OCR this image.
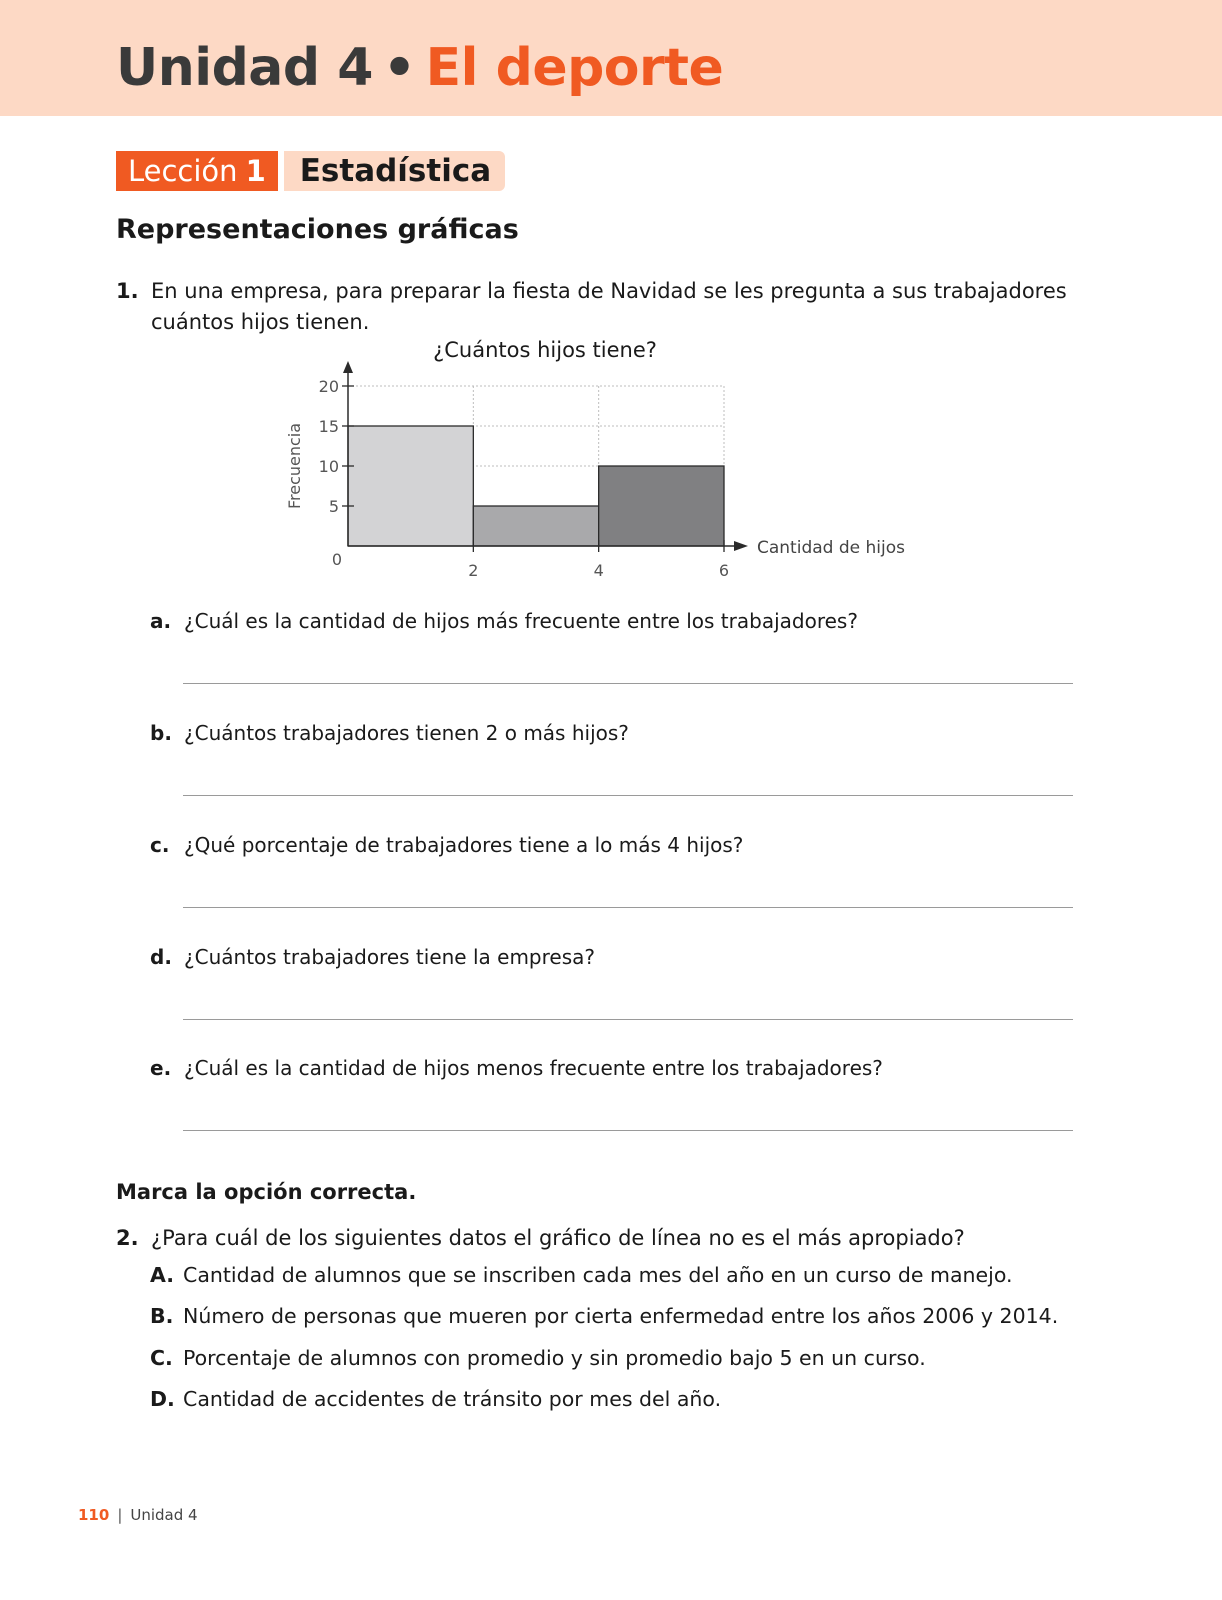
Unidad 4 • El deporte
Lección 1	Estadística
Representaciones gráficas
1. En una empresa, para preparar la fiesta de Navidad se les pregunta a sus trabajadores cuántos hijos tienen.
¿Cuántos hijos tiene?
0
5
10
15
20
2	4	6
Cantidad de hijos
Frecuencia
a. ¿Cuál es la cantidad de hijos más frecuente entre los trabajadores?
b. ¿Cuántos trabajadores tienen 2 o más hijos?
c. ¿Qué porcentaje de trabajadores tiene a lo más 4 hijos?
d. ¿Cuántos trabajadores tiene la empresa?
e. ¿Cuál es la cantidad de hijos menos frecuente entre los trabajadores?
Marca la opción correcta.
2. ¿Para cuál de los siguientes datos el gráfico de línea no es el más apropiado?
A. Cantidad de alumnos que se inscriben cada mes del año en un curso de manejo.
B. Número de personas que mueren por cierta enfermedad entre los años 2006 y 2014.
C. Porcentaje de alumnos con promedio y sin promedio bajo 5 en un curso.
D. Cantidad de accidentes de tránsito por mes del año.
110 | Unidad 4
